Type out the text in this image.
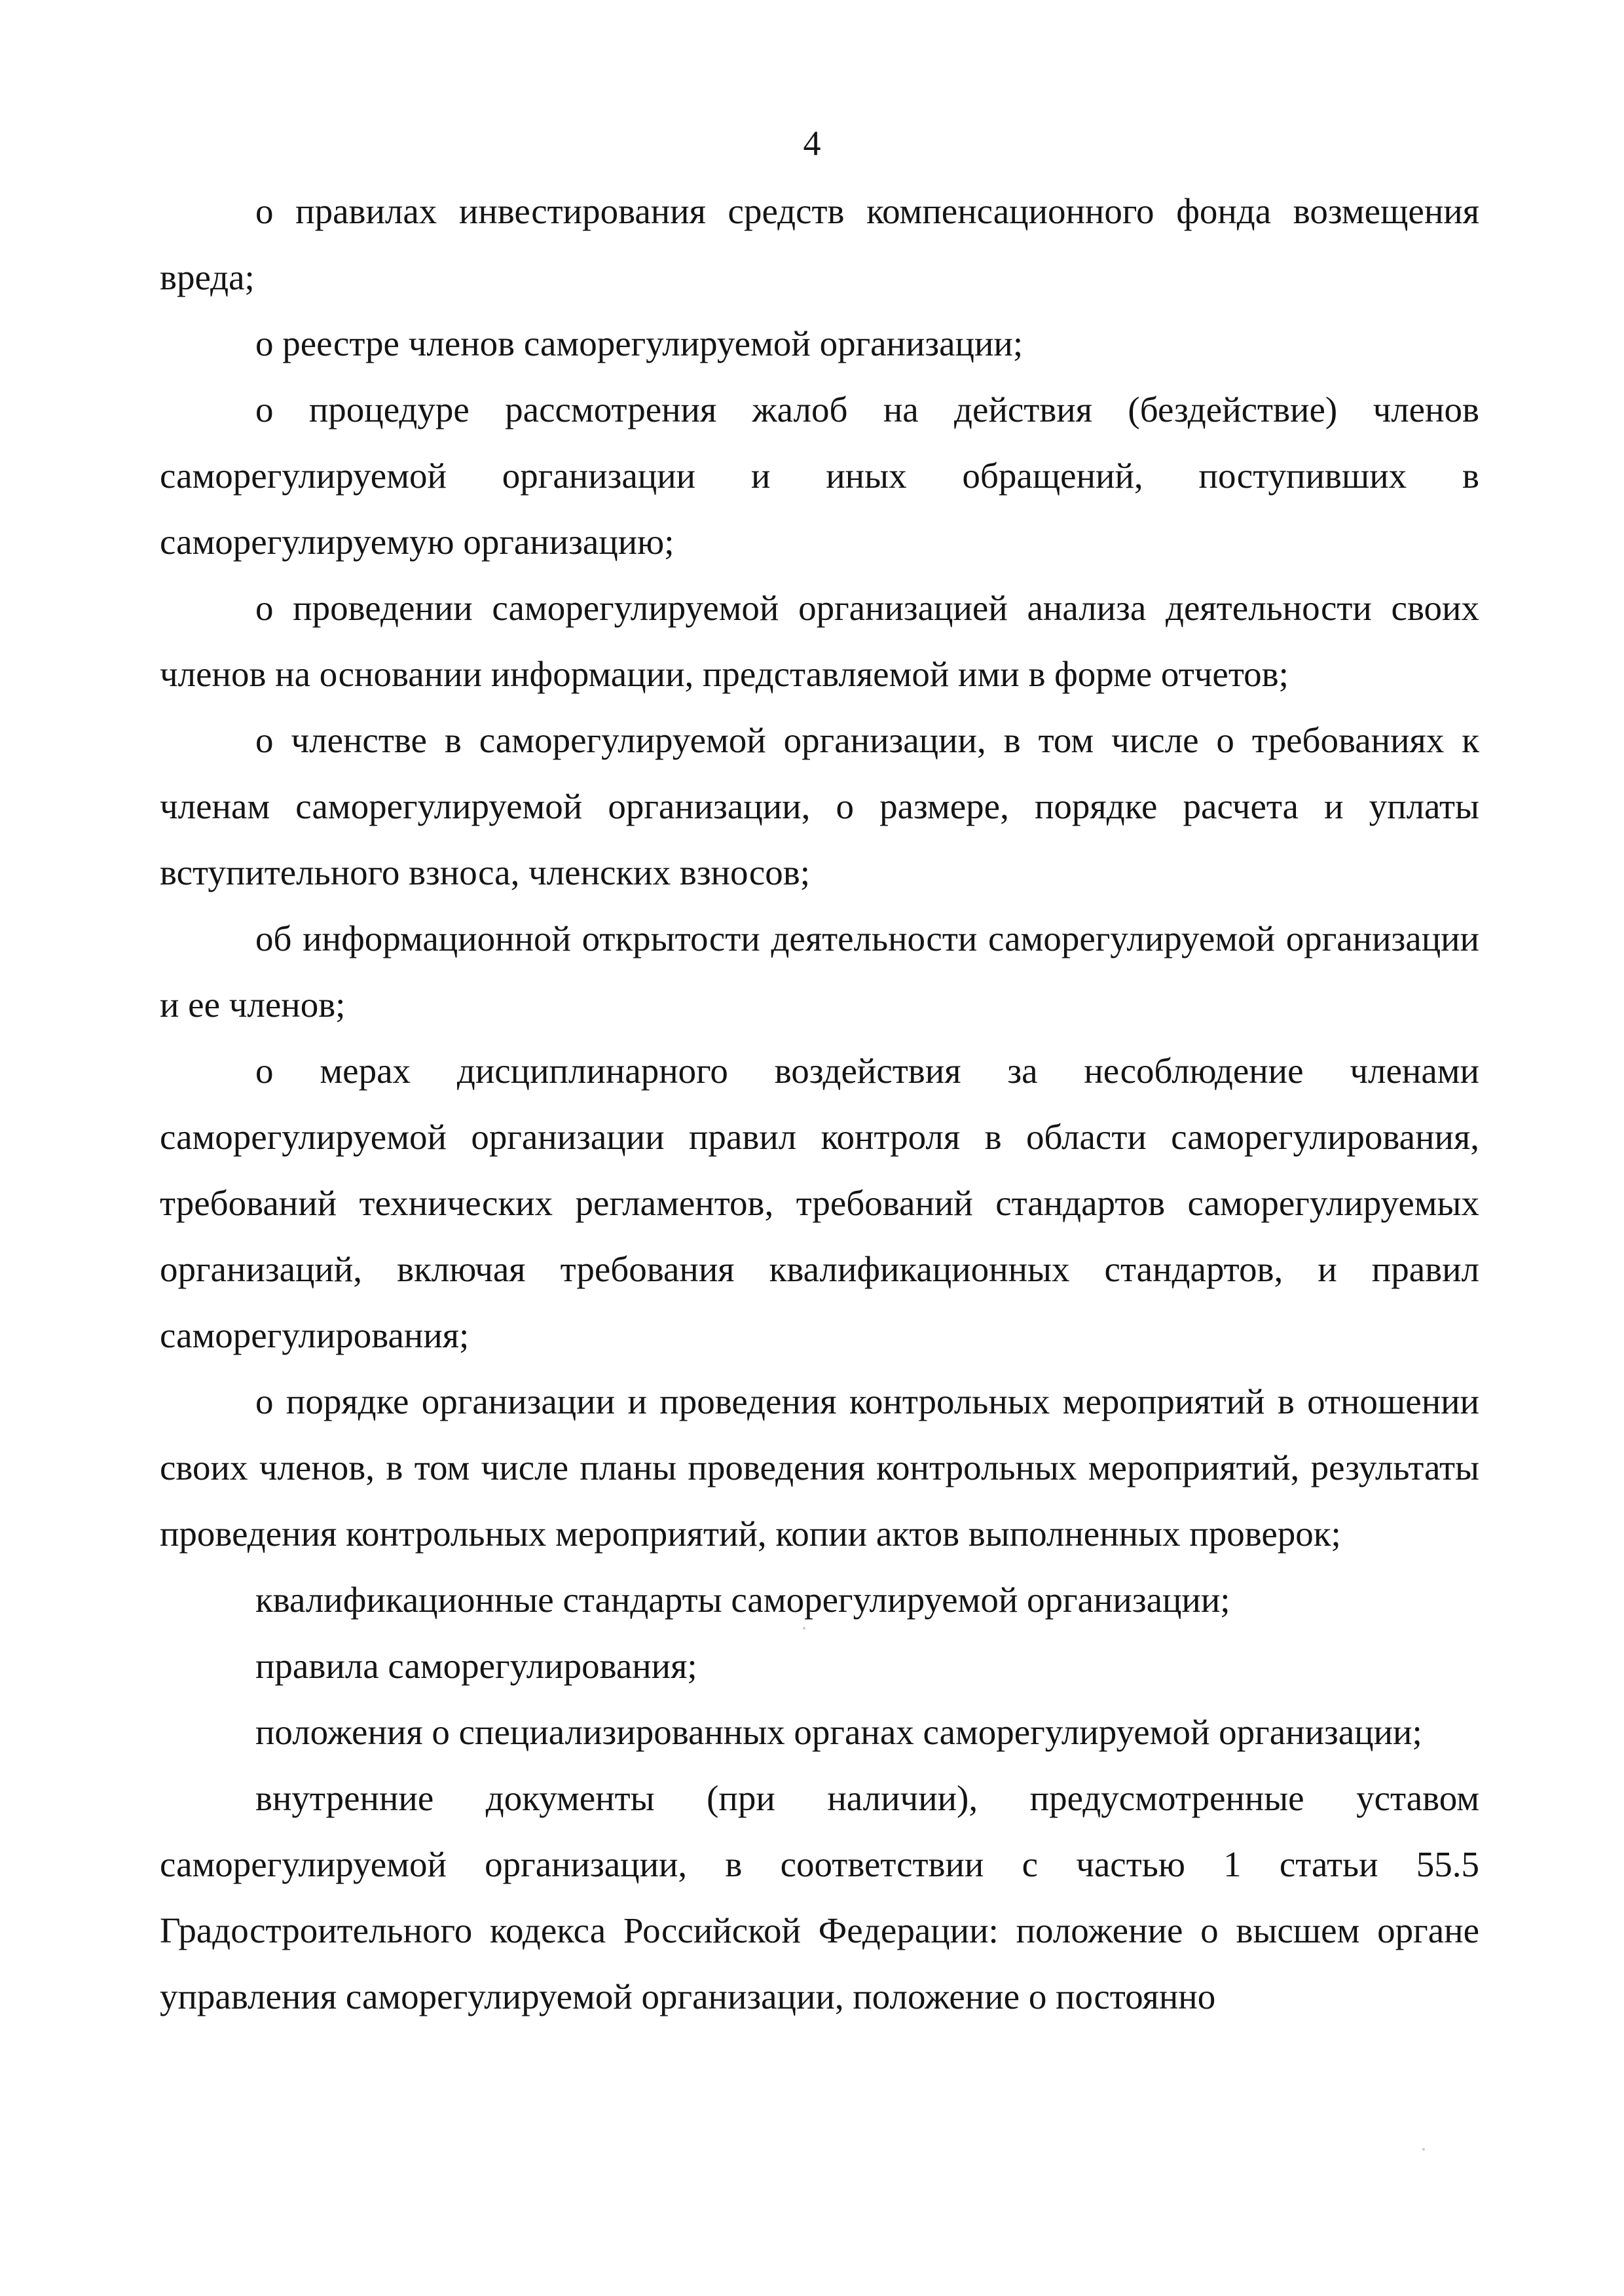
4

о правилах инвестирования средств компенсационного фонда возмещения вреда;

о реестре членов саморегулируемой организации;

о процедуре рассмотрения жалоб на действия (бездействие) членов саморегулируемой организации и иных обращений, поступивших в саморегулируемую организацию;

о проведении саморегулируемой организацией анализа деятельности своих членов на основании информации, представляемой ими в форме отчетов;

о членстве в саморегулируемой организации, в том числе о требованиях к членам саморегулируемой организации, о размере, порядке расчета и уплаты вступительного взноса, членских взносов;

об информационной открытости деятельности саморегулируемой организации и ее членов;

о мерах дисциплинарного воздействия за несоблюдение членами саморегулируемой организации правил контроля в области саморегулирования, требований технических регламентов, требований стандартов саморегулируемых организаций, включая требования квалификационных стандартов, и правил саморегулирования;

о порядке организации и проведения контрольных мероприятий в отношении своих членов, в том числе планы проведения контрольных мероприятий, результаты проведения контрольных мероприятий, копии актов выполненных проверок;

квалификационные стандарты саморегулируемой организации;

правила саморегулирования;

положения о специализированных органах саморегулируемой организации;

внутренние документы (при наличии), предусмотренные уставом саморегулируемой организации, в соответствии с частью 1 статьи 55.5 Градостроительного кодекса Российской Федерации: положение о высшем органе управления саморегулируемой организации, положение о постоянно
